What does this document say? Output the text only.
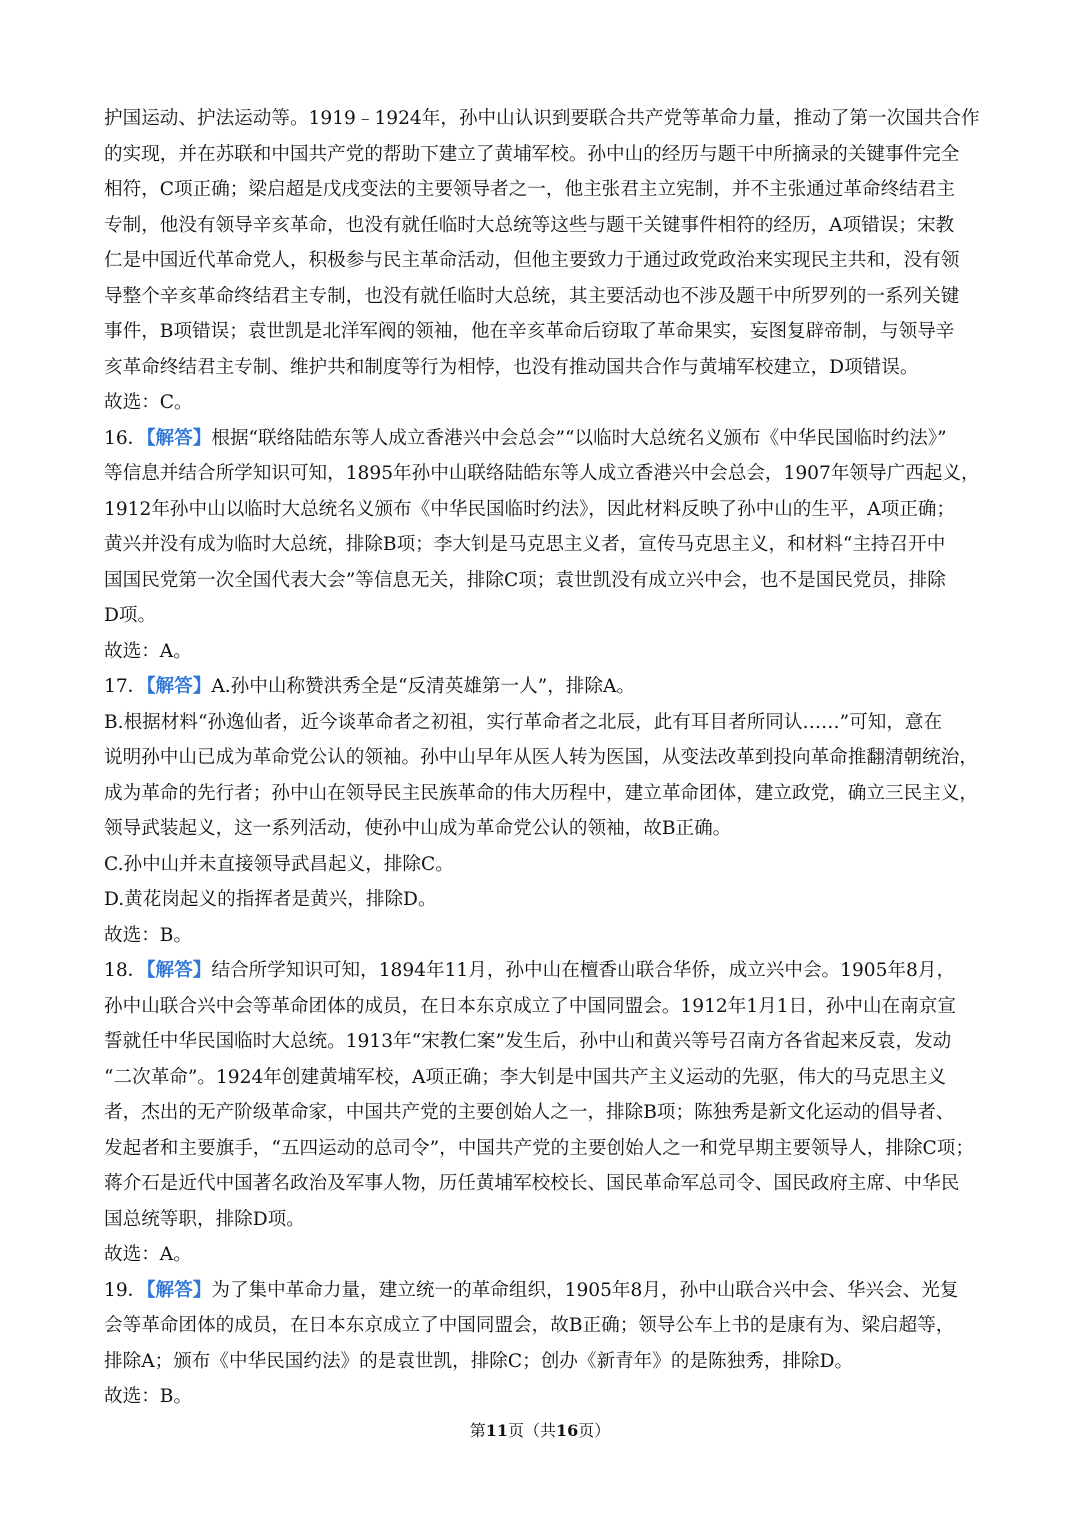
护国运动、护法运动等。1919﹣1924年，孙中山认识到要联合共产党等革命力量，推动了第一次国共合作
的实现，并在苏联和中国共产党的帮助下建立了黄埔军校。孙中山的经历与题干中所摘录的关键事件完全
相符，C项正确；梁启超是戊戌变法的主要领导者之一，他主张君主立宪制，并不主张通过革命终结君主
专制，他没有领导辛亥革命，也没有就任临时大总统等这些与题干关键事件相符的经历，A项错误；宋教
仁是中国近代革命党人，积极参与民主革命活动，但他主要致力于通过政党政治来实现民主共和，没有领
导整个辛亥革命终结君主专制，也没有就任临时大总统，其主要活动也不涉及题干中所罗列的一系列关键
事件，B项错误；袁世凯是北洋军阀的领袖，他在辛亥革命后窃取了革命果实，妄图复辟帝制，与领导辛
亥革命终结君主专制、维护共和制度等行为相悖，也没有推动国共合作与黄埔军校建立，D项错误。
故选：C。
16．【解答】根据“联络陆皓东等人成立香港兴中会总会”“以临时大总统名义颁布《中华民国临时约法》”
等信息并结合所学知识可知，1895年孙中山联络陆皓东等人成立香港兴中会总会，1907年领导广西起义，
1912年孙中山以临时大总统名义颁布《中华民国临时约法》，因此材料反映了孙中山的生平，A项正确；
黄兴并没有成为临时大总统，排除B项；李大钊是马克思主义者，宣传马克思主义，和材料“主持召开中
国国民党第一次全国代表大会”等信息无关，排除C项；袁世凯没有成立兴中会，也不是国民党员，排除
D项。
故选：A。
17．【解答】A.孙中山称赞洪秀全是“反清英雄第一人”，排除A。
B.根据材料“孙逸仙者，近今谈革命者之初祖，实行革命者之北辰，此有耳目者所同认……”可知，意在
说明孙中山已成为革命党公认的领袖。孙中山早年从医人转为医国，从变法改革到投向革命推翻清朝统治，
成为革命的先行者；孙中山在领导民主民族革命的伟大历程中，建立革命团体，建立政党，确立三民主义，
领导武装起义，这一系列活动，使孙中山成为革命党公认的领袖，故B正确。
C.孙中山并未直接领导武昌起义，排除C。
D.黄花岗起义的指挥者是黄兴，排除D。
故选：B。
18．【解答】结合所学知识可知，1894年11月，孙中山在檀香山联合华侨，成立兴中会。1905年8月，
孙中山联合兴中会等革命团体的成员，在日本东京成立了中国同盟会。1912年1月1日，孙中山在南京宣
誓就任中华民国临时大总统。1913年“宋教仁案”发生后，孙中山和黄兴等号召南方各省起来反袁，发动
“二次革命”。1924年创建黄埔军校，A项正确；李大钊是中国共产主义运动的先驱，伟大的马克思主义
者，杰出的无产阶级革命家，中国共产党的主要创始人之一，排除B项；陈独秀是新文化运动的倡导者、
发起者和主要旗手，“五四运动的总司令”，中国共产党的主要创始人之一和党早期主要领导人，排除C项；
蒋介石是近代中国著名政治及军事人物，历任黄埔军校校长、国民革命军总司令、国民政府主席、中华民
国总统等职，排除D项。
故选：A。
19．【解答】为了集中革命力量，建立统一的革命组织，1905年8月，孙中山联合兴中会、华兴会、光复
会等革命团体的成员，在日本东京成立了中国同盟会，故B正确；领导公车上书的是康有为、梁启超等，
排除A；颁布《中华民国约法》的是袁世凯，排除C；创办《新青年》的是陈独秀，排除D。
故选：B。
第11页（共16页）
